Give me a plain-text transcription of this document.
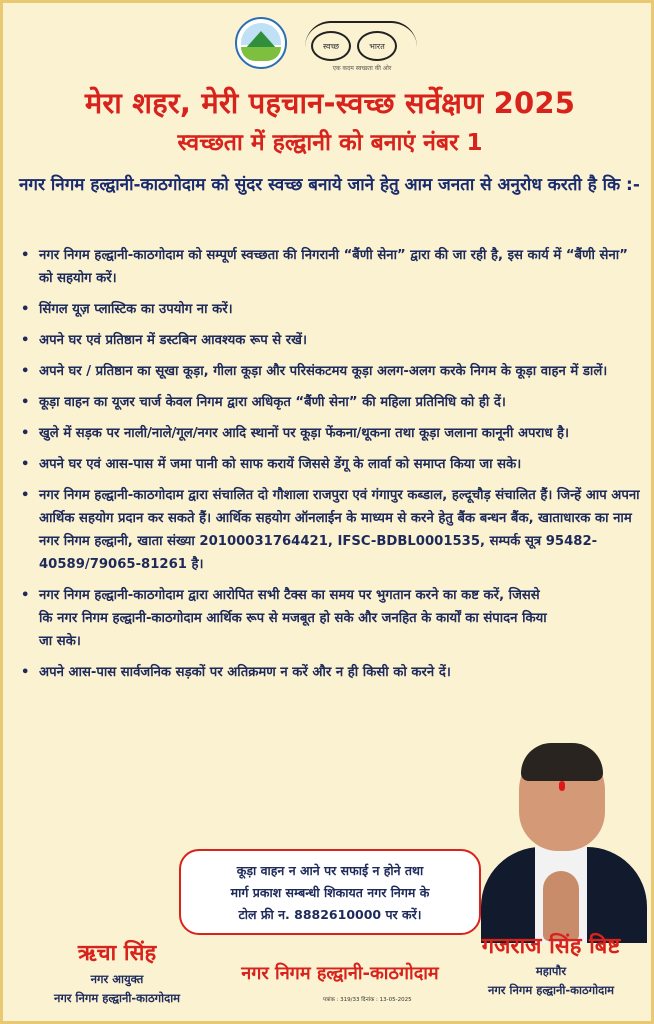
स्वच्छ	भारत
एक कदम स्वच्छता की ओर
मेरा शहर, मेरी पहचान-स्वच्छ सर्वेक्षण 2025
स्वच्छता में हल्द्वानी को बनाएं नंबर 1
नगर निगम हल्द्वानी-काठगोदाम को सुंदर स्वच्छ बनाये जाने हेतु आम जनता से अनुरोध करती है कि :-
• नगर निगम हल्द्वानी-काठगोदाम को सम्पूर्ण स्वच्छता की निगरानी “बैंणी सेना” द्वारा की जा रही है, इस कार्य में “बैंणी सेना” को सहयोग करें।
• सिंगल यूज़ प्लास्टिक का उपयोग ना करें।
• अपने घर एवं प्रतिष्ठान में डस्टबिन आवश्यक रूप से रखें।
• अपने घर / प्रतिष्ठान का सूखा कूड़ा, गीला कूड़ा और परिसंकटमय कूड़ा अलग-अलग करके निगम के कूड़ा वाहन में डालें।
• कूड़ा वाहन का यूजर चार्ज केवल निगम द्वारा अधिकृत “बैंणी सेना” की महिला प्रतिनिधि को ही दें।
• खुले में सड़क पर नाली/नाले/गूल/नगर आदि स्थानों पर कूड़ा फेंकना/थूकना तथा कूड़ा जलाना कानूनी अपराध है।
• अपने घर एवं आस-पास में जमा पानी को साफ करायें जिससे डेंगू के लार्वा को समाप्त किया जा सके।
• नगर निगम हल्द्वानी-काठगोदाम द्वारा संचालित दो गौशाला राजपुरा एवं गंगापुर कब्डाल, हल्दूचौड़ संचालित हैं। जिन्हें आप अपना आर्थिक सहयोग प्रदान कर सकते हैं। आर्थिक सहयोग ऑनलाईन के माध्यम से करने हेतु बैंक बन्धन बैंक, खाताधारक का नाम नगर निगम हल्द्वानी, खाता संख्या 20100031764421, IFSC-BDBL0001535, सम्पर्क सूत्र 95482-40589/79065-81261 है।
• नगर निगम हल्द्वानी-काठगोदाम द्वारा आरोपित सभी टैक्स का समय पर भुगतान करने का कष्ट करें, जिससे कि नगर निगम हल्द्वानी-काठगोदाम आर्थिक रूप से मजबूत हो सके और जनहित के कार्यों का संपादन किया जा सके।
• अपने आस-पास सार्वजनिक सड़कों पर अतिक्रमण न करें और न ही किसी को करने दें।
कूड़ा वाहन न आने पर सफाई न होने तथा
मार्ग प्रकाश सम्बन्धी शिकायत नगर निगम के
टोल फ्री न. 8882610000 पर करें।
ऋचा सिंह
नगर आयुक्त
नगर निगम हल्द्वानी-काठगोदाम
नगर निगम हल्द्वानी-काठगोदाम
पत्रांक : 319/33 दिनांक : 13-05-2025
गजराज सिंह बिष्ट
महापौर
नगर निगम हल्द्वानी-काठगोदाम
